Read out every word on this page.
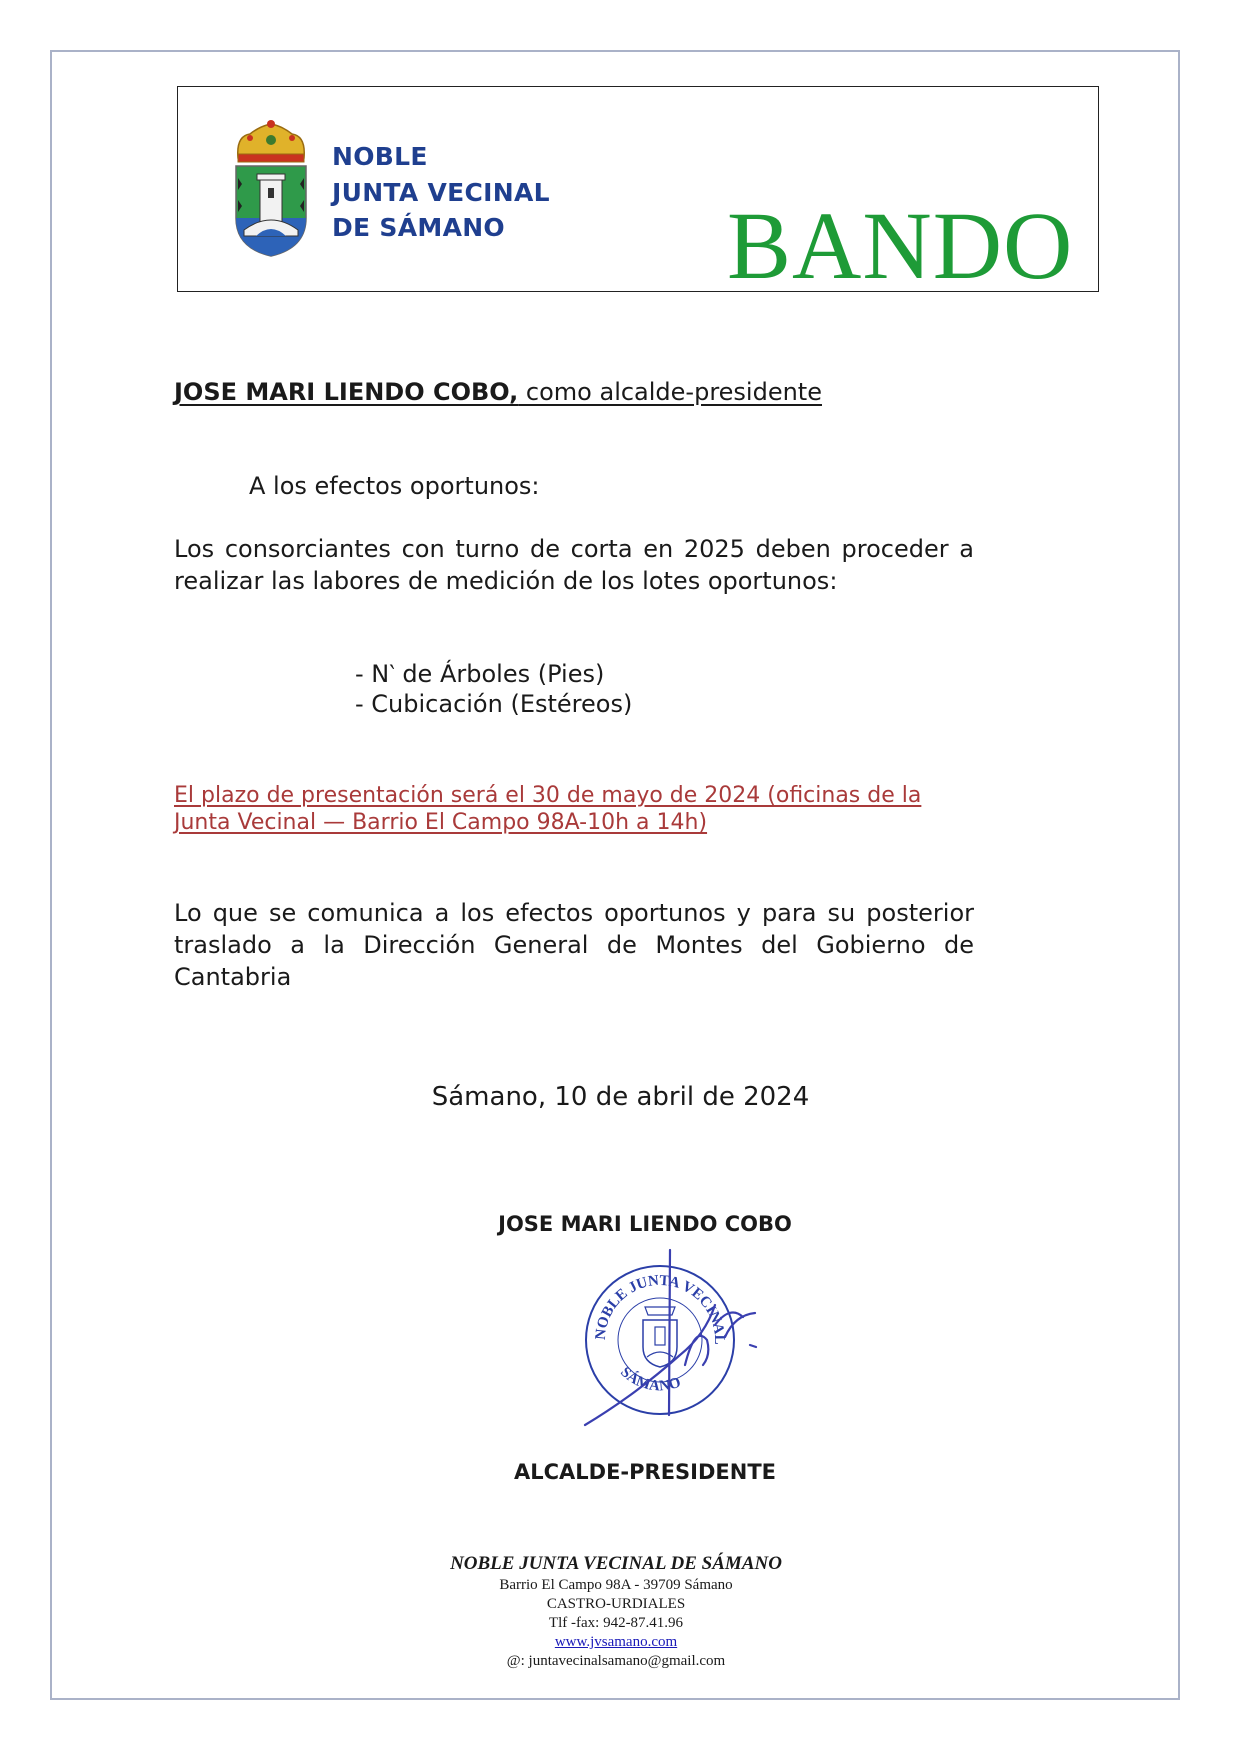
NOBLE
JUNTA VECINAL
DE SÁMANO BANDO
JOSE MARI LIENDO COBO, como alcalde-presidente
A los efectos oportunos:
Los consorciantes con turno de corta en 2025 deben proceder a realizar las labores de medición de los lotes oportunos:
- N‵ de Árboles (Pies)
- Cubicación (Estéreos)
El plazo de presentación será el 30 de mayo de 2024 (oficinas de la Junta Vecinal — Barrio El Campo 98A-10h a 14h)
Lo que se comunica a los efectos oportunos y para su posterior traslado a la Dirección General de Montes del Gobierno de Cantabria
Sámano, 10 de abril de 2024
JOSE MARI LIENDO COBO
NOBLE JUNTA VECINAL
SÁMANO
ALCALDE-PRESIDENTE
NOBLE JUNTA VECINAL DE SÁMANO
Barrio El Campo 98A - 39709 Sámano
CASTRO-URDIALES
Tlf -fax: 942-87.41.96
www.jvsamano.com
@: juntavecinalsamano@gmail.com
